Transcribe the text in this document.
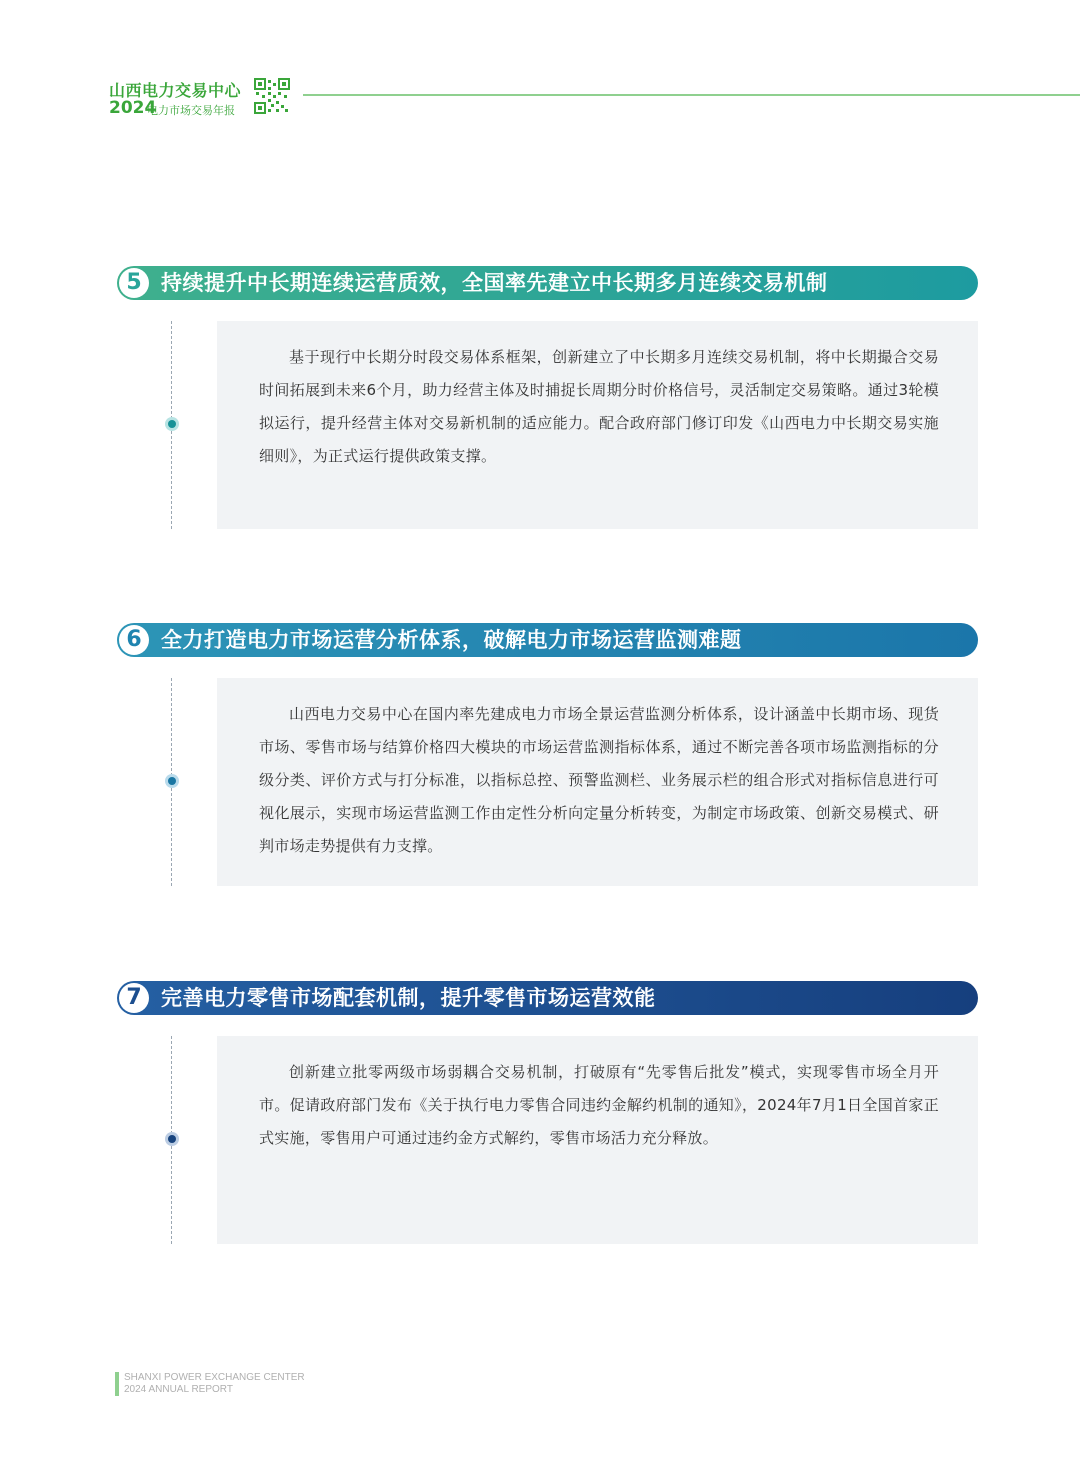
山西电力交易中心
2024
电力市场交易年报
5 持续提升中长期连续运营质效，全国率先建立中长期多月连续交易机制
基于现行中长期分时段交易体系框架，创新建立了中长期多月连续交易机制，将中长期撮合交易时间拓展到未来6个月，助力经营主体及时捕捉长周期分时价格信号，灵活制定交易策略。通过3轮模拟运行，提升经营主体对交易新机制的适应能力。配合政府部门修订印发《山西电力中长期交易实施细则》，为正式运行提供政策支撑。
6 全力打造电力市场运营分析体系，破解电力市场运营监测难题
山西电力交易中心在国内率先建成电力市场全景运营监测分析体系，设计涵盖中长期市场、现货市场、零售市场与结算价格四大模块的市场运营监测指标体系，通过不断完善各项市场监测指标的分级分类、评价方式与打分标准，以指标总控、预警监测栏、业务展示栏的组合形式对指标信息进行可视化展示，实现市场运营监测工作由定性分析向定量分析转变，为制定市场政策、创新交易模式、研判市场走势提供有力支撑。
7 完善电力零售市场配套机制，提升零售市场运营效能
创新建立批零两级市场弱耦合交易机制，打破原有“先零售后批发”模式，实现零售市场全月开市。促请政府部门发布《关于执行电力零售合同违约金解约机制的通知》，2024年7月1日全国首家正式实施，零售用户可通过违约金方式解约，零售市场活力充分释放。
SHANXI POWER EXCHANGE CENTER
2024 ANNUAL REPORT
